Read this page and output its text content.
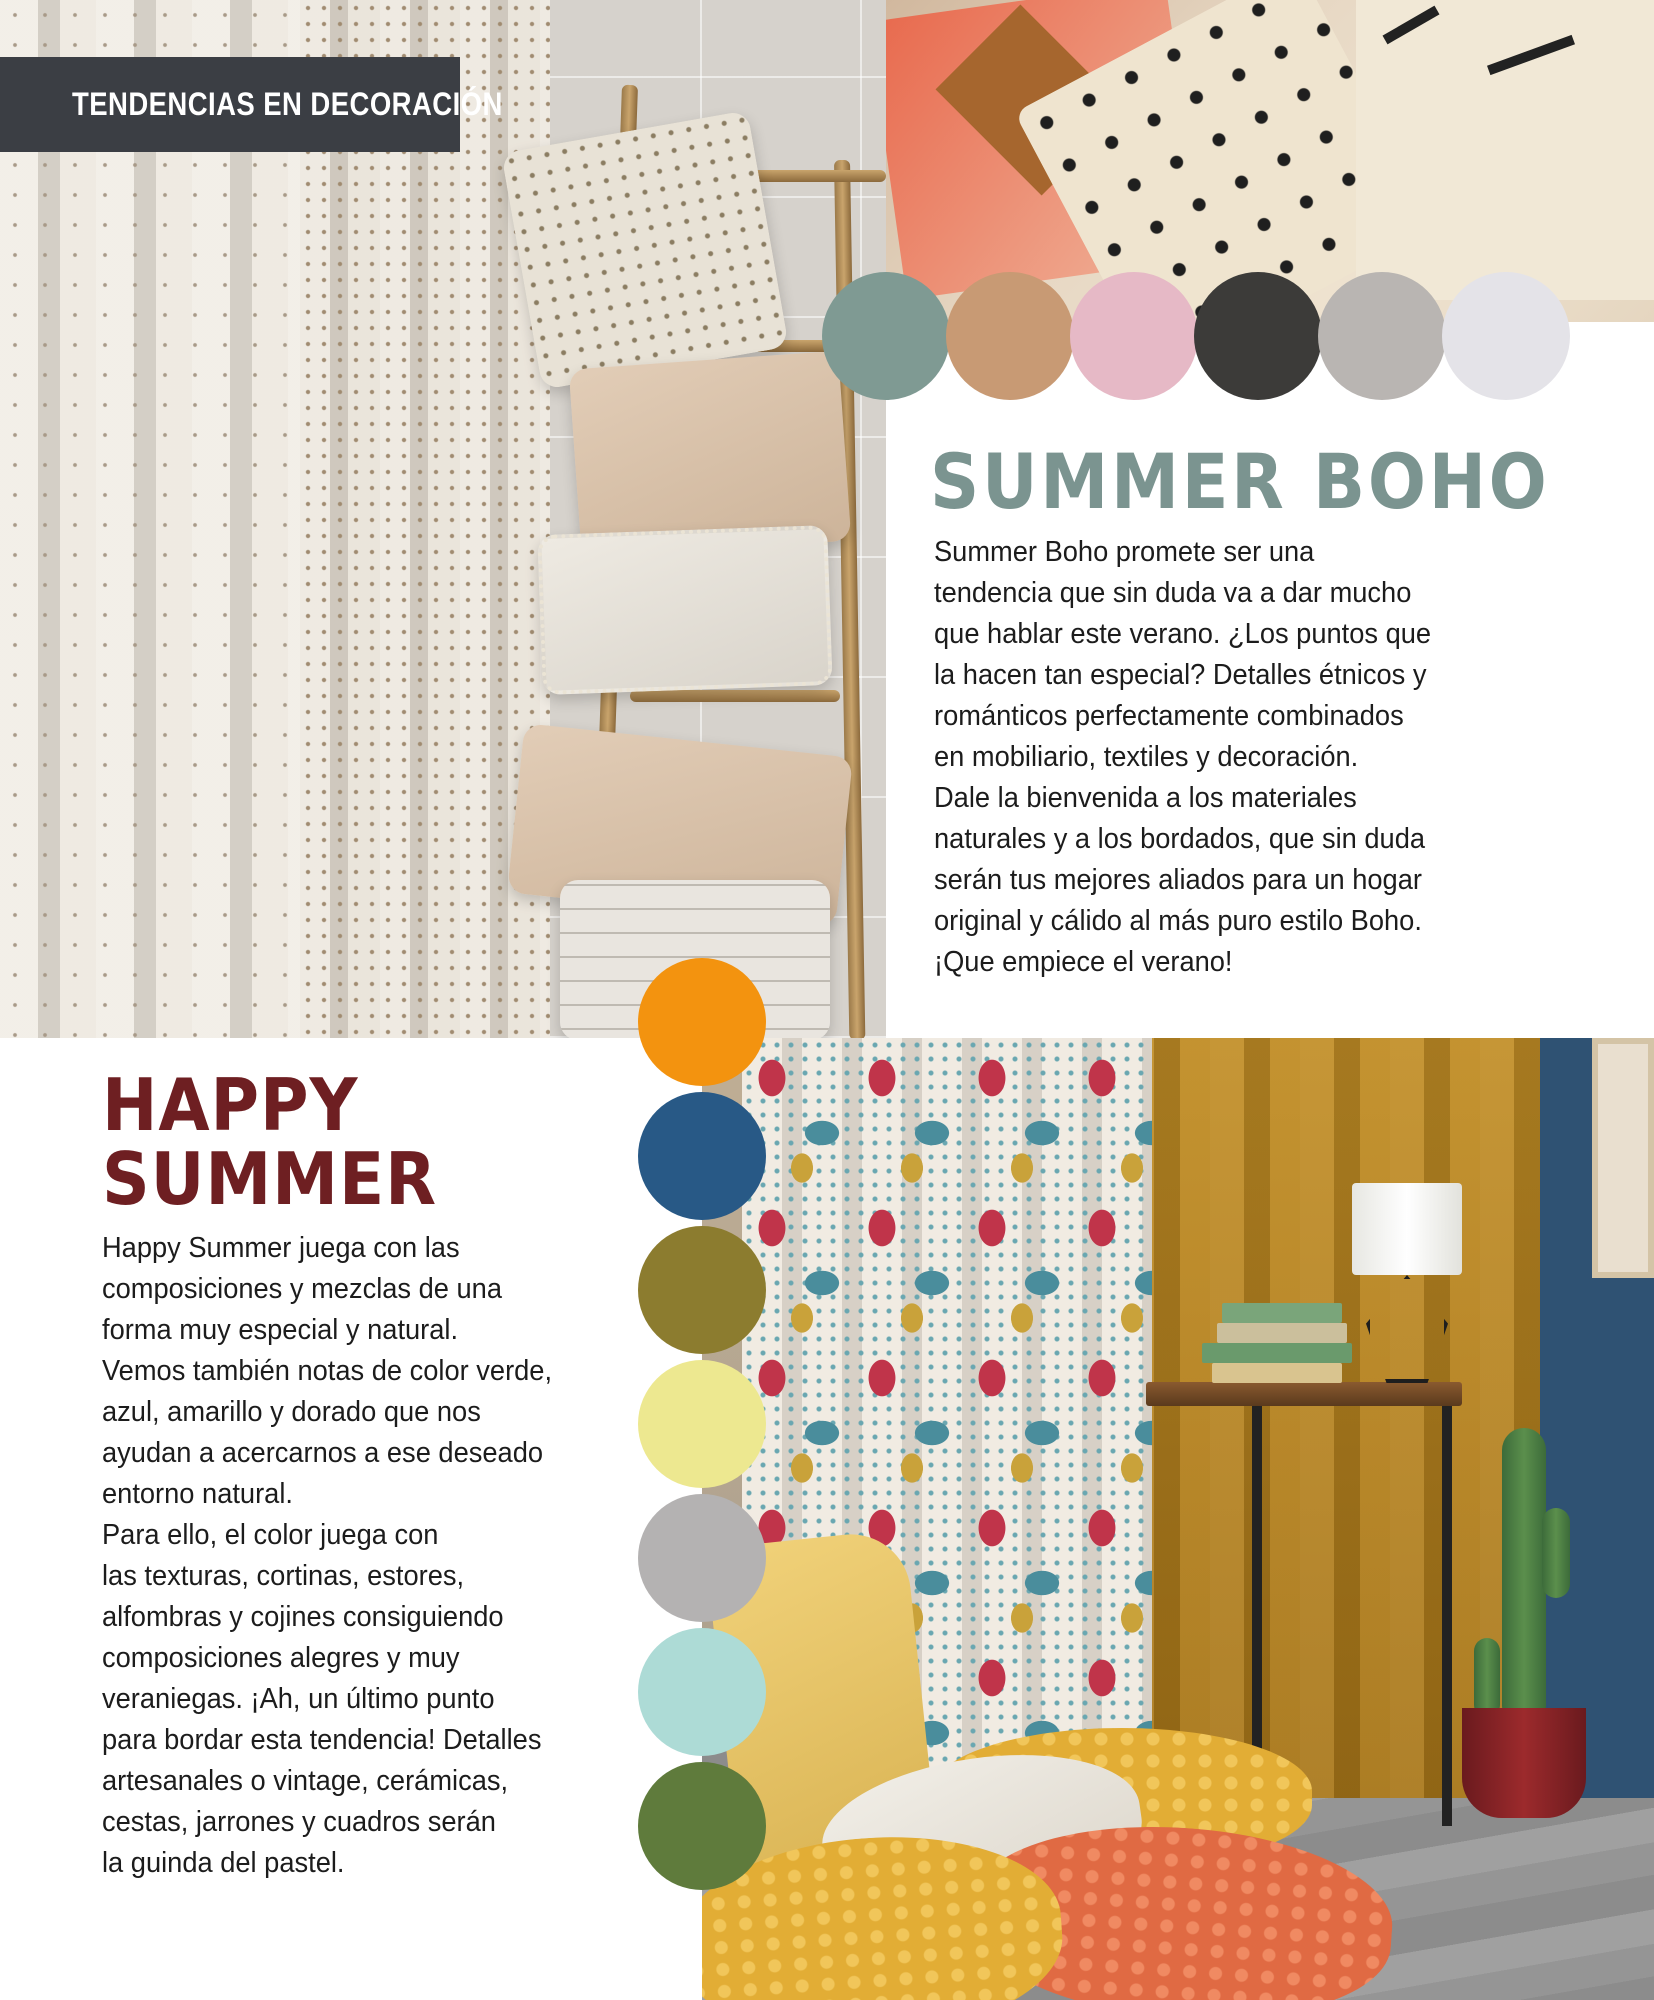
TENDENCIAS EN DECORACIÓN
SUMMER BOHO

Summer Boho promete ser una

tendencia que sin duda va a dar mucho

que hablar este verano. ¿Los puntos que

la hacen tan especial? Detalles étnicos y

románticos perfectamente combinados

en mobiliario, textiles y decoración.

Dale la bienvenida a los materiales

naturales y a los bordados, que sin duda

serán tus mejores aliados para un hogar

original y cálido al más puro estilo Boho.

¡Que empiece el verano!

HAPPY

SUMMER

Happy Summer juega con las

composiciones y mezclas de una

forma muy especial y natural.

Vemos también notas de color verde,

azul, amarillo y dorado que nos

ayudan a acercarnos a ese deseado

entorno natural.

Para ello, el color juega con

las texturas, cortinas, estores,

alfombras y cojines consiguiendo

composiciones alegres y muy

veraniegas. ¡Ah, un último punto

para bordar esta tendencia! Detalles

artesanales o vintage, cerámicas,

cestas, jarrones y cuadros serán

la guinda del pastel.
